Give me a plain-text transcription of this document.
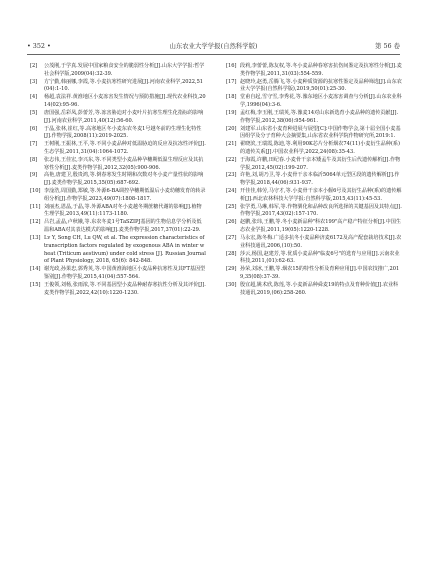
• 352 •	山东农业大学学报(自然科学版)	第 56 卷
[2]	公茂刚,于学真.发展中国家粮食安全的脆弱性分析[J].山东大学学报:哲学社会科学版,2009(04):32-39.
[3]	方宁勤,韩丽娜,李霞,等.小麦抗寒性研究进展[J].河南农业科学,2022,51(04):1-10.
[4]	杨超,袁法祥.黄淮地区小麦冻害发生情况与预防措施[J].现代农业科技,2014(02):95-96.
[5]	唐国强,岳彩凤,彭蕾芳,等.冻害胁迫对小麦叶片抗寒生理生化指标的影响[J].河南农业科学,2011,40(12):56-60.
[6]	于晶,张林,崔红,等.高寒地区冬小麦东农冬麦1号越冬前的生理生化特性[J].作物学报,2008(11):2019-2025.
[7]	王树刚,王振林,王平,等.不同小麦品种对低温胁迫的反应及抗冻性评价[J].生态学报,2011,31(04):1064-1072.
[8]	张志伟,王佳宏,李兴东,等.不同类型小麦品种孕穗期低温生理反应及其抗寒性分析[J].麦类作物学报,2012,32(05):900-906.
[9]	高艳,唐建卫,殷贵鸿,等.倒春寒发生时期和次数对冬小麦产量性状的影响[J].麦类作物学报,2015,35(05):687-692.
[10] 李淦浩,周国勤,郑敏,等.外源6-BA调控孕穗期低温后小麦幼穗发育的转录组分析[J].作物学报,2023,49(07):1808-1817.
[11] 刘丽杰,恩晶,于晶,等.外源ABA对冬小麦越冬期蔗糖代谢的影响[J].植物生理学报,2013,49(11):1173-1180.
[12] 吕岩,孟晶,卢秋娥,等.东农冬麦1号TaSZIPJ基因的生物信息学分析及低温和ABA对其表达模式的影响[J].麦类作物学报,2017,37(01):22-29.
[13] Lv Y, Song CH, Lu QW, et al. The expression characteristics of transcription factors regulated by exogenous ABA in winter wheat (Triticum aestivum) under cold stress [J]. Russian Journal of Plant Physiology, 2018, 65(6): 842-848.
[14] 谢光政,孙果忠,郭秀英,等.中国黄淮海地区小麦品种抗寒性及其FT基因型鉴别[J].作物学报,2015,41(04):557-564.
[15] 王俊领,刘杨,张雨浓,等.不同基因型小麦品种耐春寒抗性分析及其评价[J].麦类作物学报,2022,42(10):1220-1230.
[16] 段莉,李蕾蕾,陈友权,等.冬小麦品种春寒害抗伤间鉴定及抗寒性分析[J].麦类作物学报,2011,31(03):554-559.
[17] 赵晓玲,赵勇,岳腾飞,等.小麦种质资源的抗寒性鉴定及品种筛选[J].山东农业大学学报(自然科学版),2019,50(01):25-30.
[18] 堂甫自起,雪守雪,李秀花,等.豫东地区小麦冻害调查与分析[J].山东农业科学,1996(04):3-6.
[19] 孟红梅,李玉刚,王瑞英,等.豫麦14对山东新选育小麦品种的遗传贡献[J].作物学报,2012,38(06):954-961.
[20] 刘建军.山东省小麦育种进展与展望[C]:中国作物学会,第十届全国小麦基因组学及分子育种大会摘要集,山东省农业科学院作物研究所,2019:1.
[21] 翟晓滨,王瑞霞,陈迪,等.利用90K芯片分析烟农74(11)小麦衍生品种(系)的遗传关系[J].中国农业科学,2022,24(08):35-43.
[22] 于海霞,许鹏,田纪春.小麦骨干亲本矮孟牛及其衍生后代遗传解析[J].作物学报,2012,45(02):199-207.
[23] 许艳,刘,胡乃卫,等.小麦骨干亲本临沂5064单元型区段的遗传解析[J].作物学报,2018,44(06):931-937.
[24] 开佳佳,韩劳,马守才,等.小麦骨干亲本小偃6号及其衍生品种(系)的遗传解析[J].西北农林科技大学学报:自然科学版,2015,43(11):45-53.
[25] 张学勇,马琳,韩军,等.作物驯化和品种改良所选择的关键基因及其特点[J].作物学报,2017,43(02):157-170.
[26] 赵鹏,张玮,王鹏,等.冬小麦新品种"科农199"高产稳产特征分析[J].中国生态农业学报,2011,19(05):1220-1228.
[27] 马永宏,陈冬梅.广适多抗冬小麦品种济麦6172及高产配套栽培技术[J].农业科技通讯,2006,(10):50.
[28] 莎云,杨国,赵建芳,等.优质小麦品种"临麦6号"的选育与应用[J].云南农业科技,2011,(01):62-63.
[29] 孙荣,刘冰,王鹏,等.烟农15的特性分析及育种应用[J].中国农技推广,2019,35(08):37-39.
[30] 殷宜超,姚术欣,陈莲,等.小麦新品种舜麦19的特点及育种价值[J].农业科技通讯,2019,(06):258-260.
